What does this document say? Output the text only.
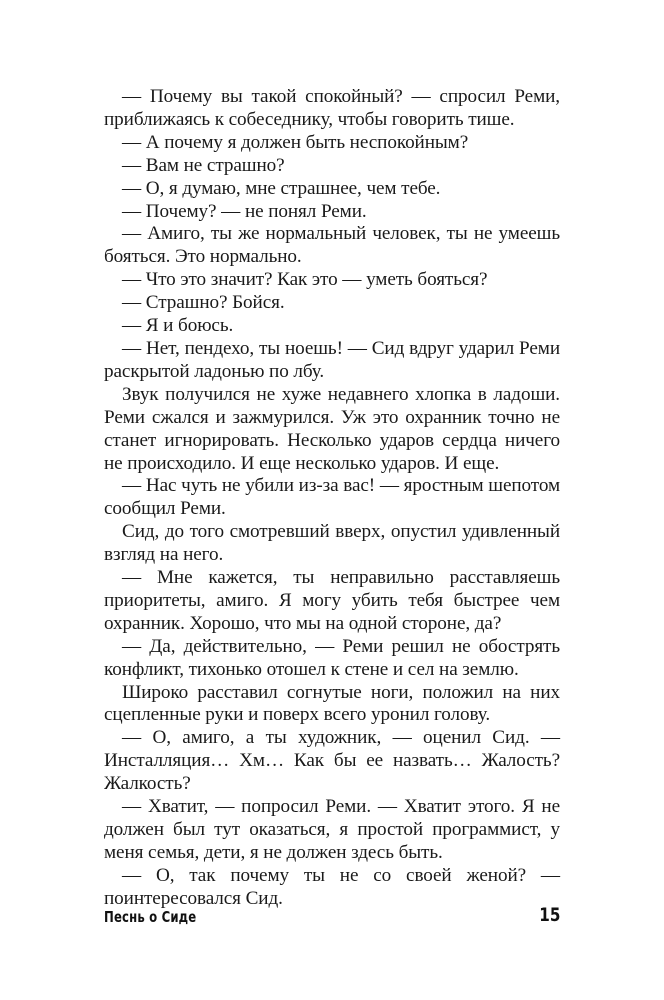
— Почему вы такой спокойный? — спросил Реми, приближаясь к собеседнику, чтобы говорить тише.

— А почему я должен быть неспокойным?

— Вам не страшно?

— О, я думаю, мне страшнее, чем тебе.

— Почему? — не понял Реми.

— Амиго, ты же нормальный человек, ты не умеешь бояться. Это нормально.

— Что это значит? Как это — уметь бояться?

— Страшно? Бойся.

— Я и боюсь.

— Нет, пендехо, ты ноешь! — Сид вдруг ударил Реми раскрытой ладонью по лбу.

Звук получился не хуже недавнего хлопка в ладоши. Реми сжался и зажмурился. Уж это охранник точно не станет игнорировать. Несколько ударов сердца ничего не происходило. И еще несколько ударов. И еще.

— Нас чуть не убили из-за вас! — яростным шепотом сообщил Реми.

Сид, до того смотревший вверх, опустил удивленный взгляд на него.

— Мне кажется, ты неправильно расставляешь приоритеты, амиго. Я могу убить тебя быстрее чем охранник. Хорошо, что мы на одной стороне, да?

— Да, действительно, — Реми решил не обострять конфликт, тихонько отошел к стене и сел на землю.

Широко расставил согнутые ноги, положил на них сцепленные руки и поверх всего уронил голову.

— О, амиго, а ты художник, — оценил Сид. — Инсталляция… Хм… Как бы ее назвать… Жалость? Жалкость?

— Хватит, — попросил Реми. — Хватит этого. Я не должен был тут оказаться, я простой программист, у меня семья, дети, я не должен здесь быть.

— О, так почему ты не со своей женой? — поинтересовался Сид.

Песнь о Сиде	15
